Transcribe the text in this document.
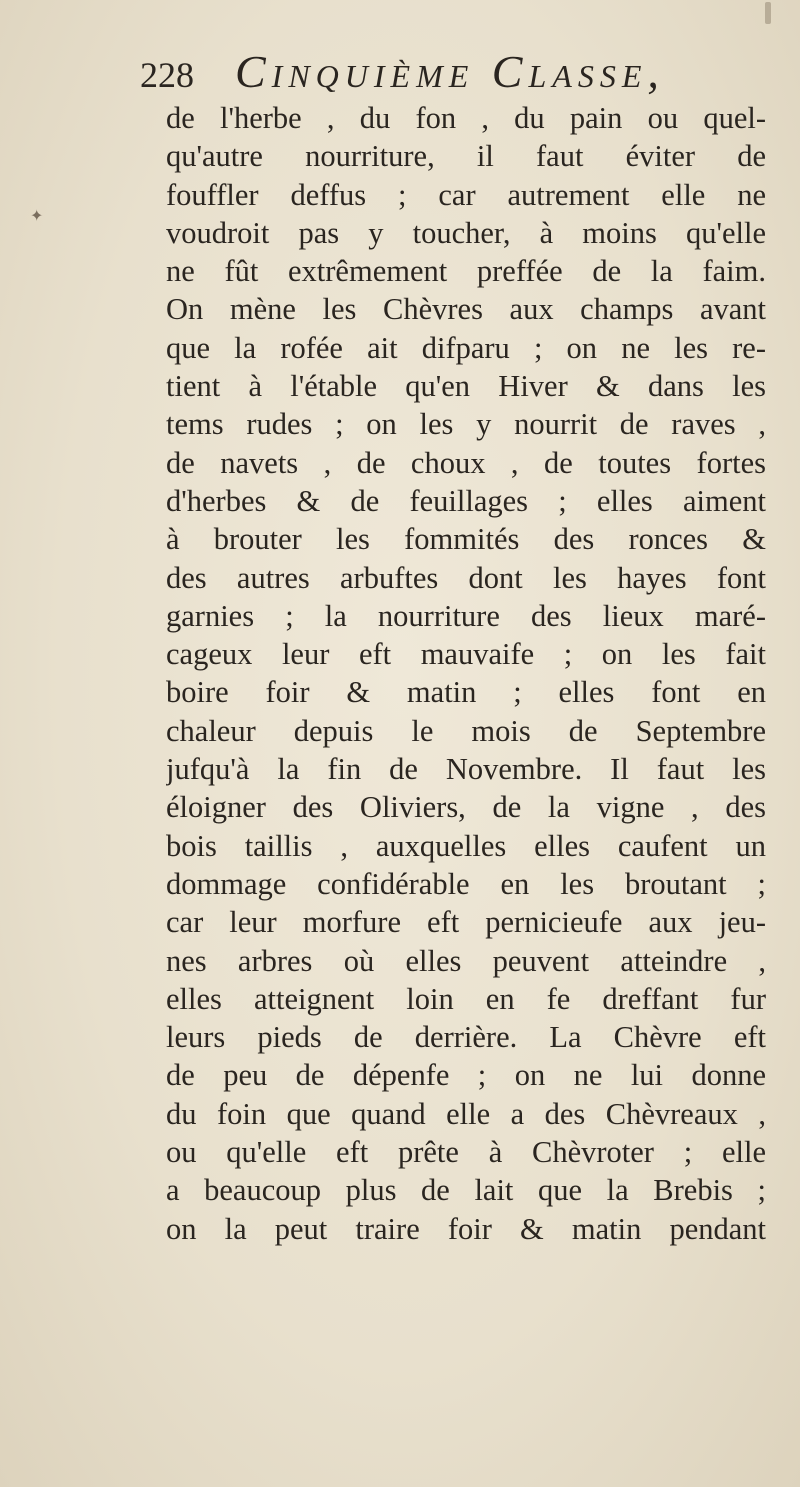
✦
228 Cinquième Classe,
de l'herbe , du fon , du pain ou quel-
qu'autre nourriture, il faut éviter de
fouffler deffus ; car autrement elle ne
voudroit pas y toucher, à moins qu'elle
ne fût extrêmement preffée de la faim.
On mène les Chèvres aux champs avant
que la rofée ait difparu ; on ne les re-
tient à l'étable qu'en Hiver & dans les
tems rudes ; on les y nourrit de raves ,
de navets , de choux , de toutes fortes
d'herbes & de feuillages ; elles aiment
à brouter les fommités des ronces &
des autres arbuftes dont les hayes font
garnies ; la nourriture des lieux maré-
cageux leur eft mauvaife ; on les fait
boire foir & matin ; elles font en
chaleur depuis le mois de Septembre
jufqu'à la fin de Novembre. Il faut les
éloigner des Oliviers, de la vigne , des
bois taillis , auxquelles elles caufent un
dommage confidérable en les broutant ;
car leur morfure eft pernicieufe aux jeu-
nes arbres où elles peuvent atteindre ,
elles atteignent loin en fe dreffant fur
leurs pieds de derrière. La Chèvre eft
de peu de dépenfe ; on ne lui donne
du foin que quand elle a des Chèvreaux ,
ou qu'elle eft prête à Chèvroter ; elle
a beaucoup plus de lait que la Brebis ;
on la peut traire foir & matin pendant
